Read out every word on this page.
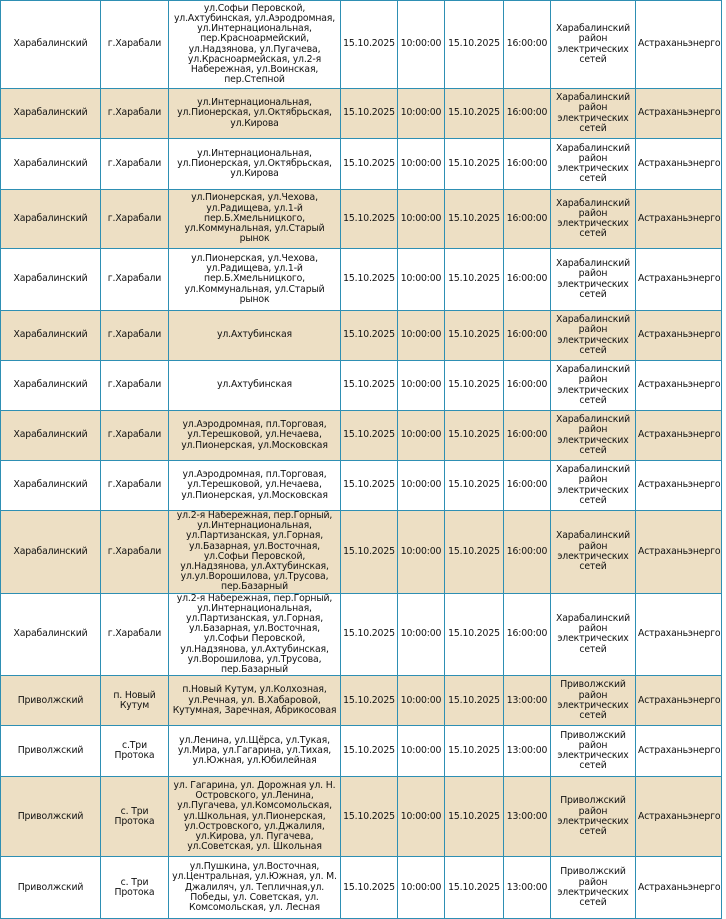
Харабалинский	г.Харабали	ул.Софьи Перовской, ул.Ахтубинская, ул.Аэродромная, ул.Интернациональная, пер.Красноармейский, ул.Надзянова, ул.Пугачева, ул.Красноармейская, ул.2-я Набережная, ул.Воинская, пер.Степной	15.10.2025	10:00:00	15.10.2025	16:00:00	Харабалинский район электрических сетей	Астраханьэнерго
Харабалинский	г.Харабали	ул.Интернациональная, ул.Пионерская, ул.Октябрьская, ул.Кирова	15.10.2025	10:00:00	15.10.2025	16:00:00	Харабалинский район электрических сетей	Астраханьэнерго
Харабалинский	г.Харабали	ул.Интернациональная, ул.Пионерская, ул.Октябрьская, ул.Кирова	15.10.2025	10:00:00	15.10.2025	16:00:00	Харабалинский район электрических сетей	Астраханьэнерго
Харабалинский	г.Харабали	ул.Пионерская, ул.Чехова, ул.Радищева, ул.1-й пер.Б.Хмельницкого, ул.Коммунальная, ул.Старый рынок	15.10.2025	10:00:00	15.10.2025	16:00:00	Харабалинский район электрических сетей	Астраханьэнерго
Харабалинский	г.Харабали	ул.Пионерская, ул.Чехова, ул.Радищева, ул.1-й пер.Б.Хмельницкого, ул.Коммунальная, ул.Старый рынок	15.10.2025	10:00:00	15.10.2025	16:00:00	Харабалинский район электрических сетей	Астраханьэнерго
Харабалинский	г.Харабали	ул.Ахтубинская	15.10.2025	10:00:00	15.10.2025	16:00:00	Харабалинский район электрических сетей	Астраханьэнерго
Харабалинский	г.Харабали	ул.Ахтубинская	15.10.2025	10:00:00	15.10.2025	16:00:00	Харабалинский район электрических сетей	Астраханьэнерго
Харабалинский	г.Харабали	ул.Аэродромная, пл.Торговая, ул.Терешковой, ул.Нечаева, ул.Пионерская, ул.Московская	15.10.2025	10:00:00	15.10.2025	16:00:00	Харабалинский район электрических сетей	Астраханьэнерго
Харабалинский	г.Харабали	ул.Аэродромная, пл.Торговая, ул.Терешковой, ул.Нечаева, ул.Пионерская, ул.Московская	15.10.2025	10:00:00	15.10.2025	16:00:00	Харабалинский район электрических сетей	Астраханьэнерго
Харабалинский	г.Харабали	ул.2-я Набережная, пер.Горный, ул.Интернациональная, ул.Партизанская, ул.Горная, ул.Базарная, ул.Восточная, ул.Софьи Перовской, ул.Надзянова, ул.Ахтубинская, ул.ул.Ворошилова, ул.Трусова, пер.Базарный	15.10.2025	10:00:00	15.10.2025	16:00:00	Харабалинский район электрических сетей	Астраханьэнерго
Харабалинский	г.Харабали	ул.2-я Набережная, пер.Горный, ул.Интернациональная, ул.Партизанская, ул.Горная, ул.Базарная, ул.Восточная, ул.Софьи Перовской, ул.Надзянова, ул.Ахтубинская, ул.Ворошилова, ул.Трусова, пер.Базарный	15.10.2025	10:00:00	15.10.2025	16:00:00	Харабалинский район электрических сетей	Астраханьэнерго
Приволжский	п. Новый Кутум	п.Новый Кутум, ул.Колхозная, ул.Речная, ул. В.Хабаровой, Кутумная, Заречная, Абрикосовая	15.10.2025	10:00:00	15.10.2025	13:00:00	Приволжский район электрических сетей	Астраханьэнерго
Приволжский	с.Три Протока	ул.Ленина, ул.Щёрса, ул.Тукая, ул.Мира, ул.Гагарина, ул.Тихая, ул.Южная, ул.Юбилейная	15.10.2025	10:00:00	15.10.2025	13:00:00	Приволжский район электрических сетей	Астраханьэнерго
Приволжский	с. Три Протока	ул. Гагарина, ул. Дорожная ул. Н. Островского, ул.Ленина, ул.Пугачева, ул.Комсомольская, ул.Школьная, ул.Пионерская, ул.Островского, ул.Джалиля, ул.Кирова, ул. Пугачева, ул.Советская, ул. Школьная	15.10.2025	10:00:00	15.10.2025	13:00:00	Приволжский район электрических сетей	Астраханьэнерго
Приволжский	с. Три Протока	ул.Пушкина, ул.Восточная, ул.Центральная, ул.Южная, ул. М. Джалиляч, ул. Тепличная,ул. Победы, ул. Советская, ул. Комсомольская, ул. Лесная	15.10.2025	10:00:00	15.10.2025	13:00:00	Приволжский район электрических сетей	Астраханьэнерго
